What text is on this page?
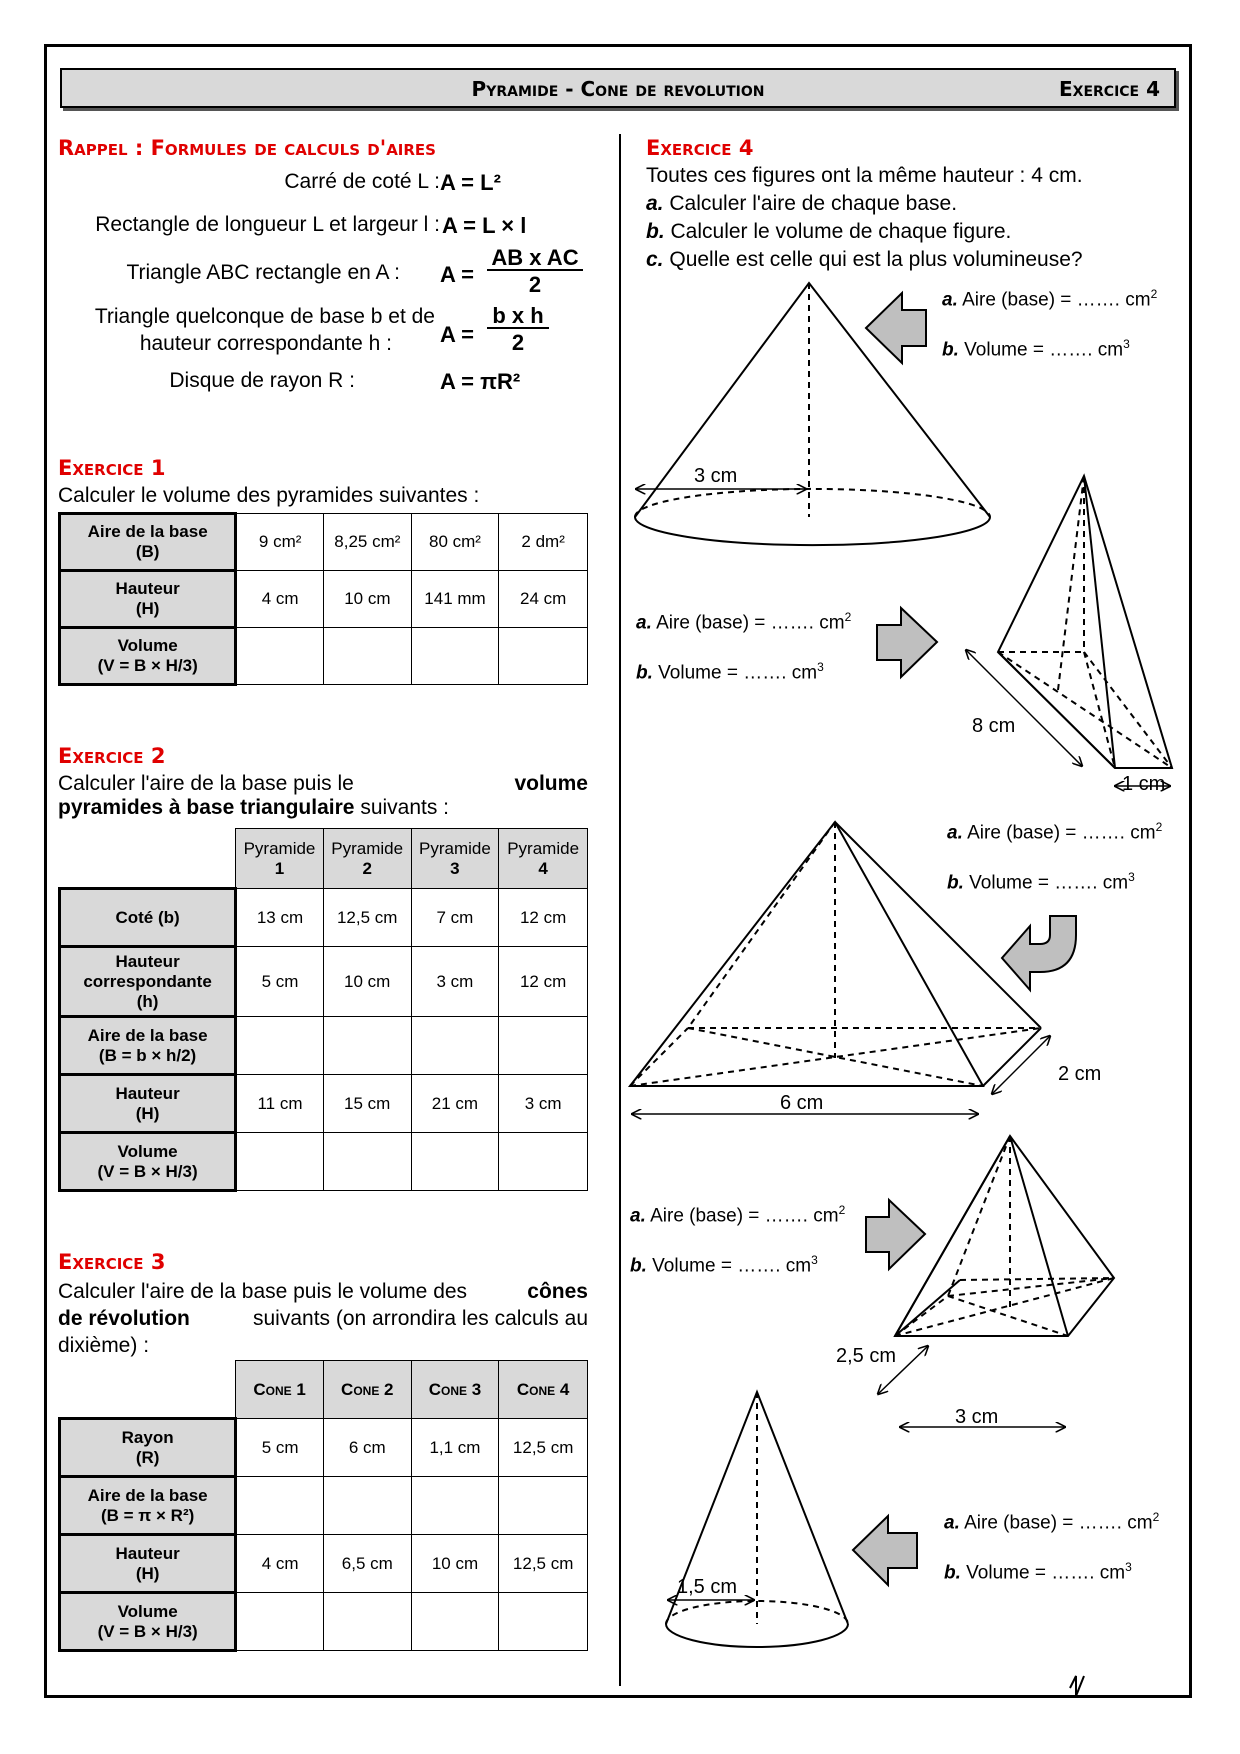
Pyramide - Cone de revolution	Exercice 4
Rappel : Formules de calculs d'aires
Carré de coté L : A = L²
Rectangle de longueur L et largeur l : A = L × l
Triangle ABC rectangle en A : A =
AB x AC
2
Triangle quelconque de base b et de
hauteur correspondante h : A =
b x h
2
Disque de rayon R :	A = πR²
Exercice 1
Calculer le volume des pyramides suivantes :
Aire de la base
(B)	9 cm²	8,25 cm²	80 cm²	2 dm²
Hauteur
(H)	4 cm	10 cm	141 mm	24 cm
Volume
(V = B × H/3)				
Exercice 2
Calculer l'aire de la base puis le	volume
pyramides à base triangulaire suivants :
	Pyramide
1	Pyramide
2	Pyramide
3	Pyramide
4
Coté (b)	13 cm	12,5 cm	7 cm	12 cm
Hauteur
correspondante
(h)	5 cm	10 cm	3 cm	12 cm
Aire de la base
(B = b × h/2)				
Hauteur
(H)	11 cm	15 cm	21 cm	3 cm
Volume
(V = B × H/3)				
Exercice 3
Calculer l'aire de la base puis le volume des	cônes
de révolution	suivants (on arrondira les calculs au
dixième) :
	Cone 1	Cone 2	Cone 3	Cone 4
Rayon
(R)	5 cm	6 cm	1,1 cm	12,5 cm
Aire de la base
(B = π × R²)				
Hauteur
(H)	4 cm	6,5 cm	10 cm	12,5 cm
Volume
(V = B × H/3)				
Exercice 4
Toutes ces figures ont la même hauteur : 4 cm.
a. Calculer l'aire de chaque base.
b. Calculer le volume de chaque figure.
c. Quelle est celle qui est la plus volumineuse?
a. Aire (base) = ……. $cm^2$
b. Volume = ……. $cm^3$
a. Aire (base) = ……. $cm^2$
b. Volume = ……. $cm^3$
a. Aire (base) = ……. $cm^2$
b. Volume = ……. $cm^3$
a. Aire (base) = ……. $cm^2$
b. Volume = ……. $cm^3$
a. Aire (base) = ……. $cm^2$
b. Volume = ……. $cm^3$
3 cm
8 cm
1 cm
6 cm
2 cm
3 cm
2,5 cm
1,5 cm
